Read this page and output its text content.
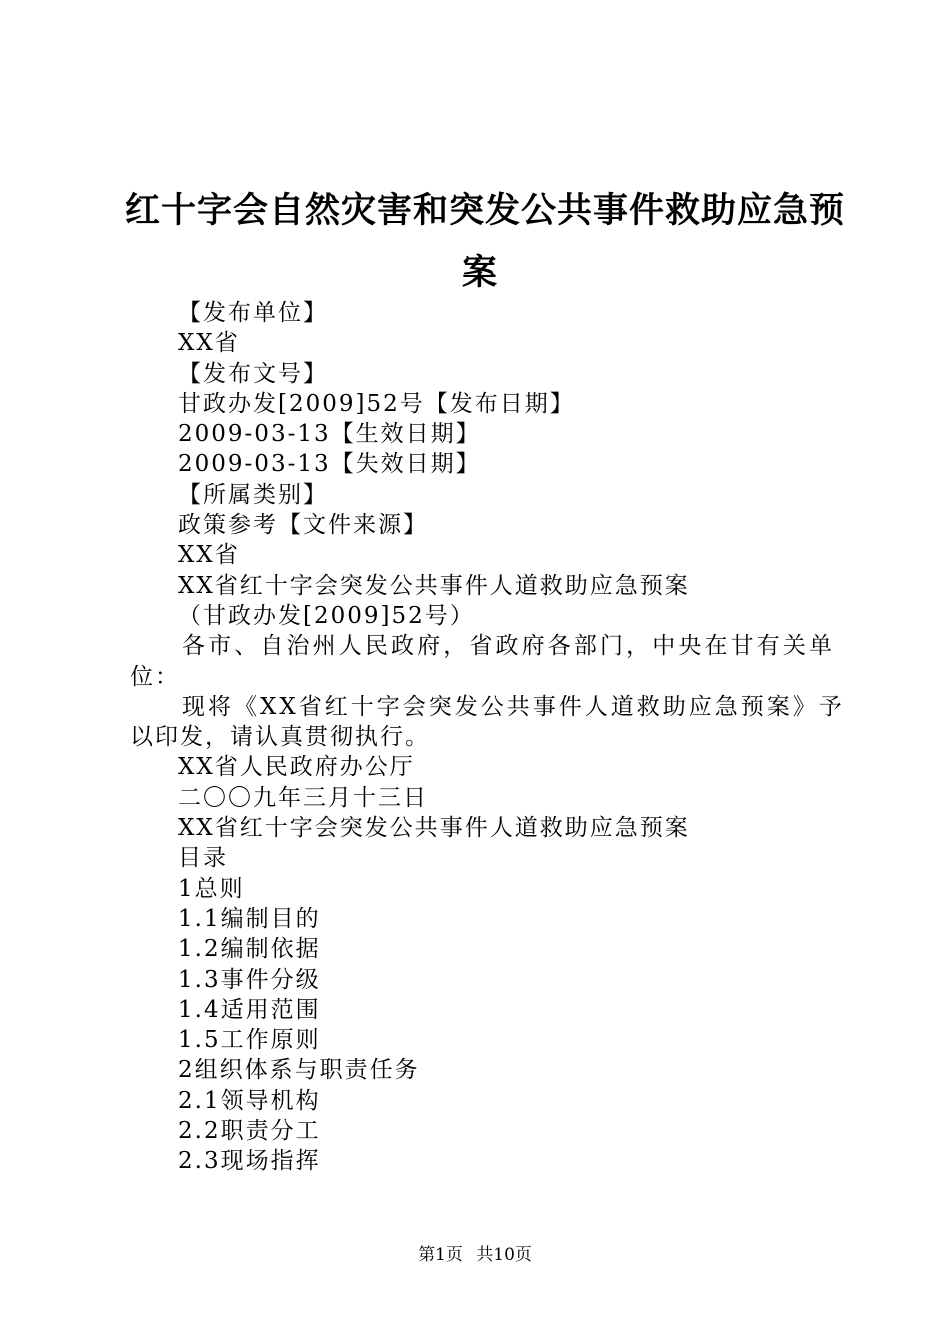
红十字会自然灾害和突发公共事件救助应急预
案
【发布单位】
XX省
【发布文号】
甘政办发[2009]52号【发布日期】
2009-03-13【生效日期】
2009-03-13【失效日期】
【所属类别】
政策参考【文件来源】
XX省
XX省红十字会突发公共事件人道救助应急预案
（甘政办发[2009]52号）
各市、自治州人民政府，省政府各部门，中央在甘有关单
位：
现将《XX省红十字会突发公共事件人道救助应急预案》予
以印发，请认真贯彻执行。
XX省人民政府办公厅
二〇〇九年三月十三日
XX省红十字会突发公共事件人道救助应急预案
目录
1总则
1.1编制目的
1.2编制依据
1.3事件分级
1.4适用范围
1.5工作原则
2组织体系与职责任务
2.1领导机构
2.2职责分工
2.3现场指挥
第1页 共10页
